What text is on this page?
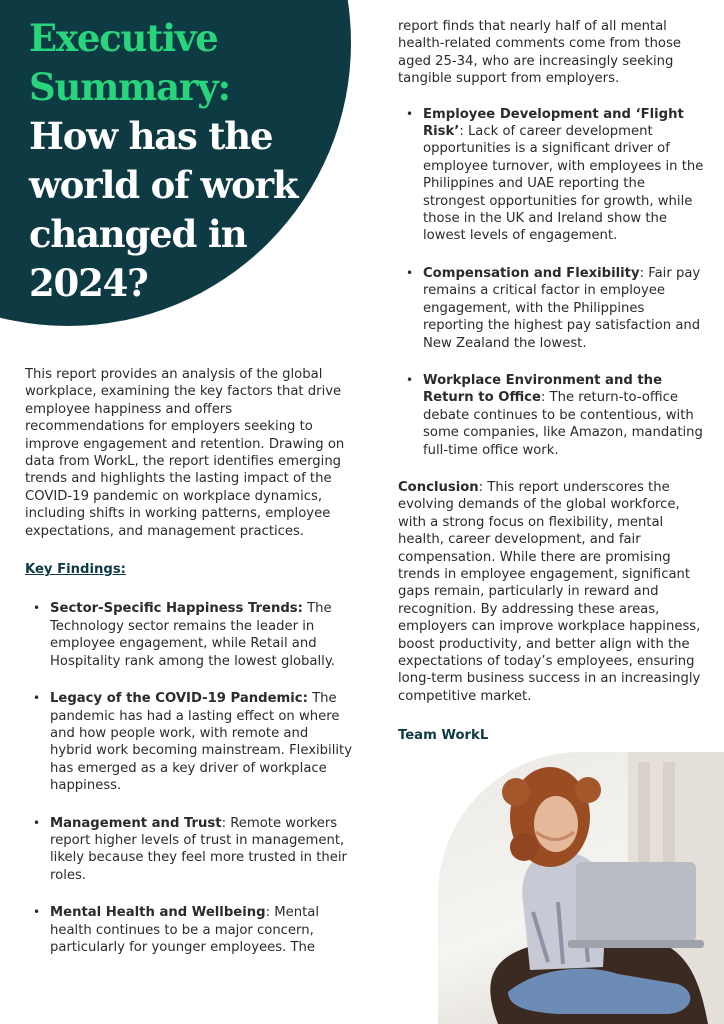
Executive Summary:
How has the world of work changed in 2024?

This report provides an analysis of the global workplace, examining the key factors that drive employee happiness and offers recommendations for employers seeking to improve engagement and retention. Drawing on data from WorkL, the report identifies emerging trends and highlights the lasting impact of the COVID-19 pandemic on workplace dynamics, including shifts in working patterns, employee expectations, and management practices.

Key Findings:

• Sector-Specific Happiness Trends: The Technology sector remains the leader in employee engagement, while Retail and Hospitality rank among the lowest globally.
• Legacy of the COVID-19 Pandemic: The pandemic has had a lasting effect on where and how people work, with remote and hybrid work becoming mainstream. Flexibility has emerged as a key driver of workplace happiness.
• Management and Trust: Remote workers report higher levels of trust in management, likely because they feel more trusted in their roles.
• Mental Health and Wellbeing: Mental health continues to be a major concern, particularly for younger employees. The

report finds that nearly half of all mental health-related comments come from those aged 25-34, who are increasingly seeking tangible support from employers.

• Employee Development and ‘Flight Risk’: Lack of career development opportunities is a significant driver of employee turnover, with employees in the Philippines and UAE reporting the strongest opportunities for growth, while those in the UK and Ireland show the lowest levels of engagement.
• Compensation and Flexibility: Fair pay remains a critical factor in employee engagement, with the Philippines reporting the highest pay satisfaction and New Zealand the lowest.
• Workplace Environment and the Return to Office: The return-to-office debate continues to be contentious, with some companies, like Amazon, mandating full-time office work.

Conclusion: This report underscores the evolving demands of the global workforce, with a strong focus on flexibility, mental health, career development, and fair compensation. While there are promising trends in employee engagement, significant gaps remain, particularly in reward and recognition. By addressing these areas, employers can improve workplace happiness, boost productivity, and better align with the expectations of today’s employees, ensuring long-term business success in an increasingly competitive market.

Team WorkL
